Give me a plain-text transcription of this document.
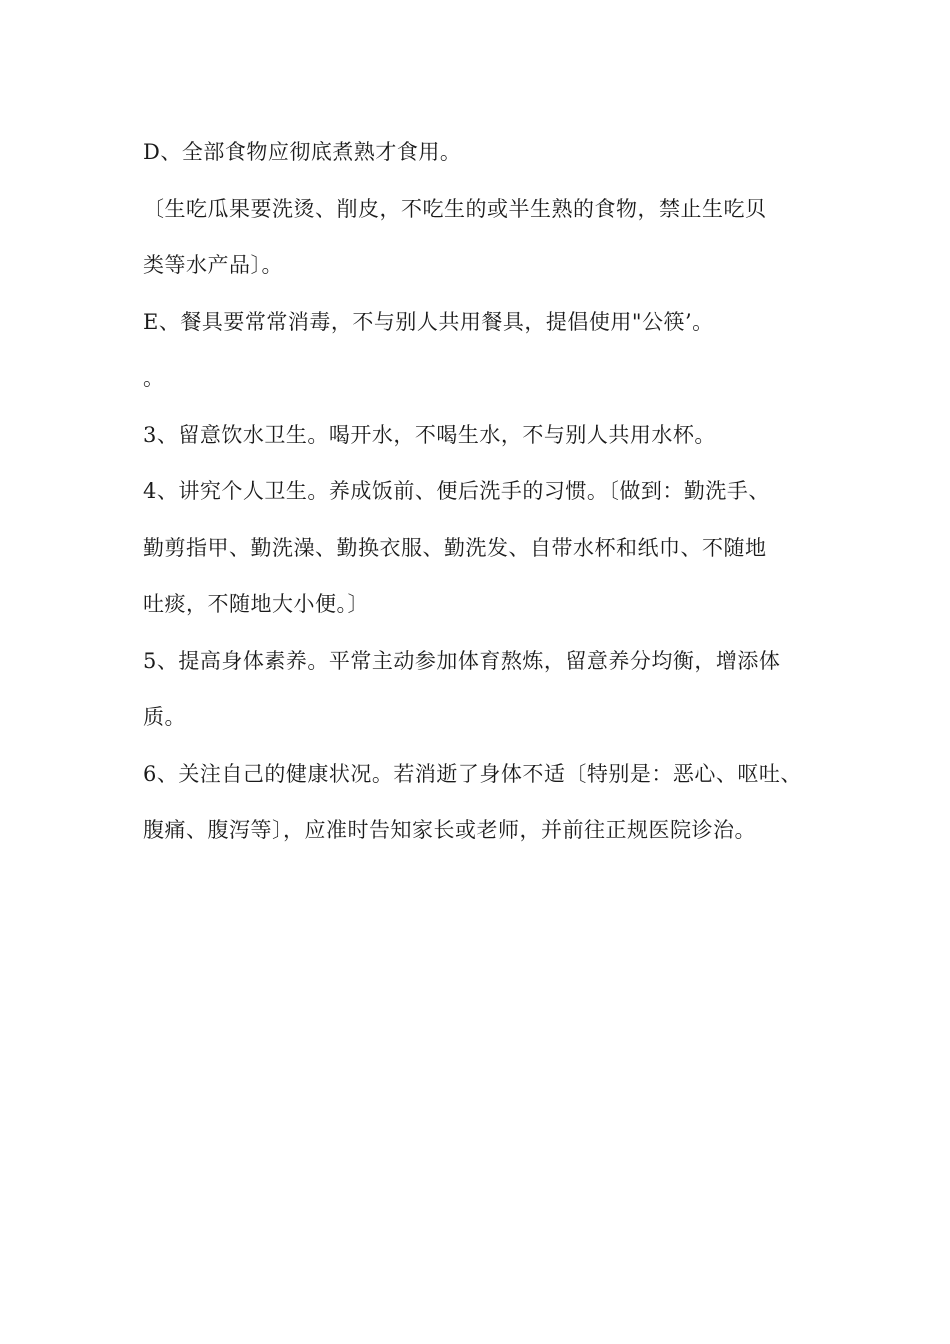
D、全部食物应彻底煮熟才食用。
〔生吃瓜果要洗烫、削皮，不吃生的或半生熟的食物，禁止生吃贝
类等水产品〕。
E、餐具要常常消毒，不与别人共用餐具，提倡使用"公筷’。
。
3、留意饮水卫生。喝开水，不喝生水，不与别人共用水杯。
4、讲究个人卫生。养成饭前、便后洗手的习惯。〔做到：勤洗手、
勤剪指甲、勤洗澡、勤换衣服、勤洗发、自带水杯和纸巾、不随地
吐痰，不随地大小便。〕
5、提高身体素养。平常主动参加体育熬炼，留意养分均衡，增添体
质。
6、关注自己的健康状况。若消逝了身体不适〔特别是：恶心、呕吐、
腹痛、腹泻等〕，应准时告知家长或老师，并前往正规医院诊治。
